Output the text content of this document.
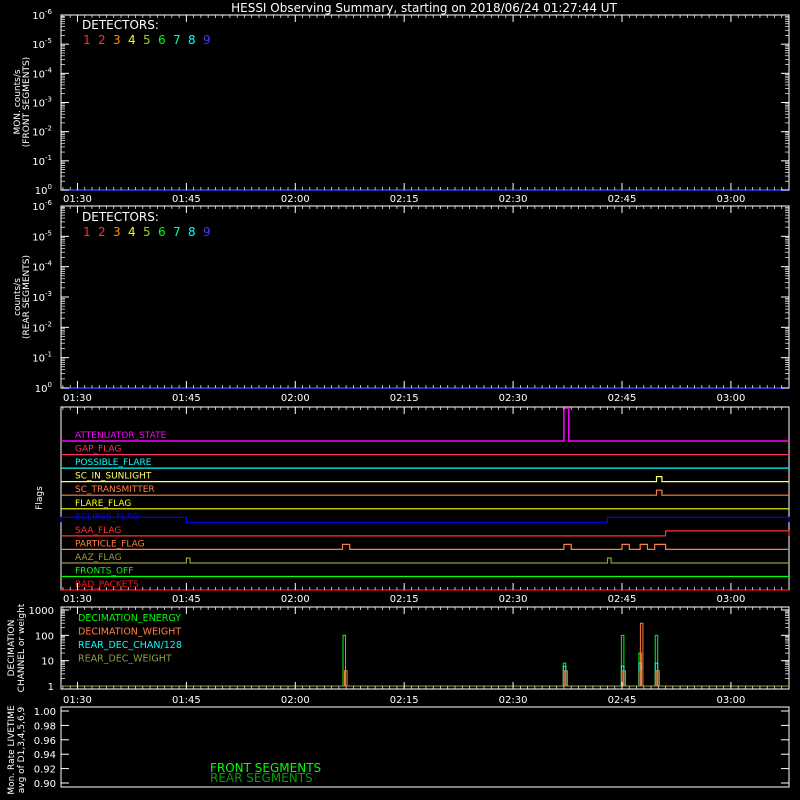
HESSI Observing Summary, starting on 2018/06/24 01:27:44 UT
$10^0$
$10^{-1}$
$10^{-2}$
$10^{-3}$
$10^{-4}$
$10^{-5}$
$10^{-6}$
01:30	01:45	02:00	02:15	02:30	02:45	03:00
DETECTORS:
1 2 3 4 5 6 7 8 9
MON. counts/s (FRONT SEGMENTS)
$10^0$
$10^{-1}$
$10^{-2}$
$10^{-3}$
$10^{-4}$
$10^{-5}$
$10^{-6}$
01:30	01:45	02:00	02:15	02:30	02:45	03:00
DETECTORS:
1 2 3 4 5 6 7 8 9
counts/s (REAR SEGMENTS)
ATTENUATOR_STATE
GAP_FLAG
POSSIBLE_FLARE
SC_IN_SUNLIGHT
SC_TRANSMITTER
FLARE_FLAG
ECLIPSE_FLAG
SAA_FLAG
PARTICLE_FLAG
AAZ_FLAG
FRONTS_OFF
BAD_PACKETS
01:30	01:45	02:00	02:15	02:30	02:45	03:00
Flags
1
10
100
1000
DECIMATION_ENERGY
DECIMATION_WEIGHT
REAR_DEC_CHAN/128
REAR_DEC_WEIGHT
01:30	01:45	02:00	02:15	02:30	02:45	03:00
DECIMATION CHANNEL or weight
0.90
0.92
0.94
0.96
0.98
1.00
FRONT SEGMENTS
REAR SEGMENTS
Mon. Rate LIVETIME avg of D1,3,4,5,6,9
